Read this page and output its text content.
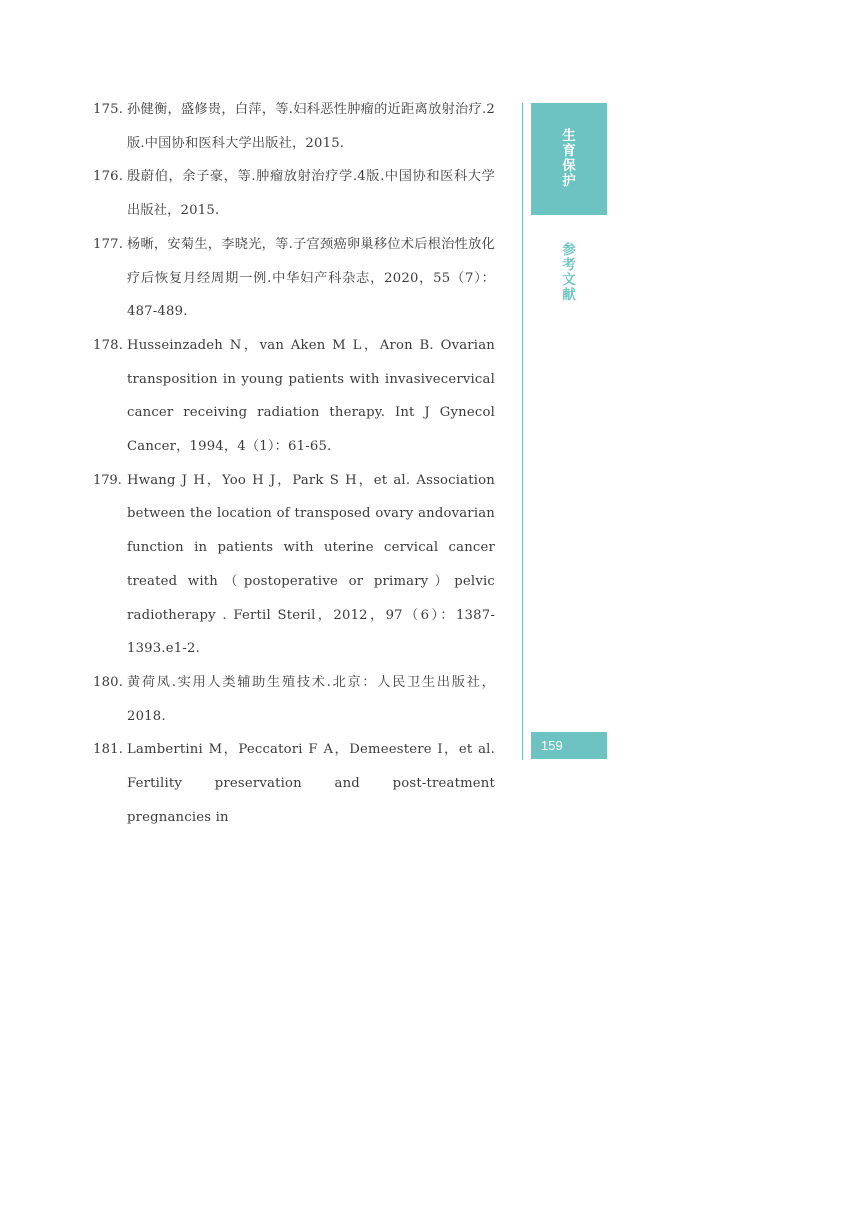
175. 孙健衡，盛修贵，白萍，等.妇科恶性肿瘤的近距离放射治疗.2版.中国协和医科大学出版社，2015.
176. 殷蔚伯，余子豪，等.肿瘤放射治疗学.4版.中国协和医科大学出版社，2015.
177. 杨晰，安菊生，李晓光，等.子宫颈癌卵巢移位术后根治性放化疗后恢复月经周期一例.中华妇产科杂志，2020，55（7）：487-489.
178. Husseinzadeh N，van Aken M L，Aron B. Ovarian transposition in young patients with invasivecervical cancer receiving radiation therapy. Int J Gynecol Cancer，1994，4（1）：61-65.
179. Hwang J H，Yoo H J，Park S H，et al. Association between the location of transposed ovary andovarian function in patients with uterine cervical cancer treated with（postoperative or primary）pelvic radiotherapy . Fertil Steril，2012，97（6）：1387-1393.e1-2.
180. 黄荷凤.实用人类辅助生殖技术.北京：人民卫生出版社，2018.
181. Lambertini M，Peccatori F A，Demeestere I，et al. Fertility preservation and post-treatment pregnancies in
生育保护
参考文献
159
